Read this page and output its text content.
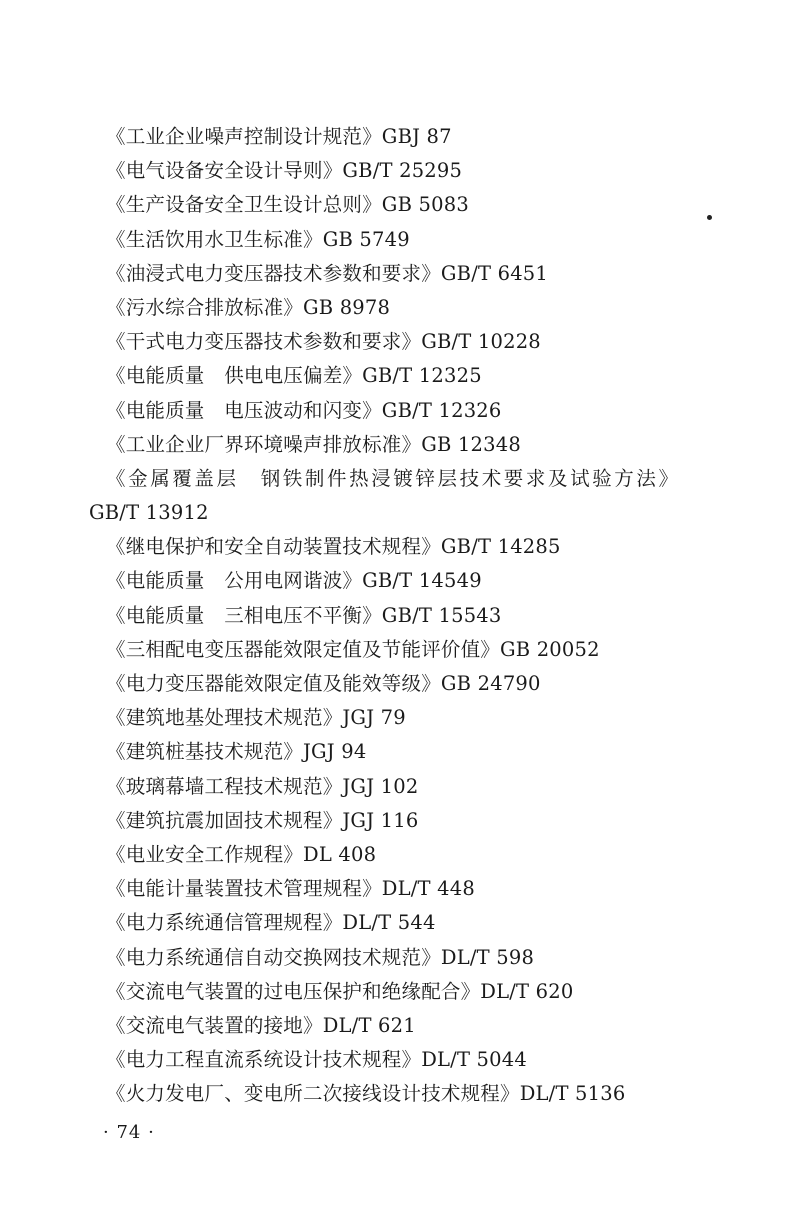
《工业企业噪声控制设计规范》GBJ 87
《电气设备安全设计导则》GB/T 25295
《生产设备安全卫生设计总则》GB 5083
《生活饮用水卫生标准》GB 5749
《油浸式电力变压器技术参数和要求》GB/T 6451
《污水综合排放标准》GB 8978
《干式电力变压器技术参数和要求》GB/T 10228
《电能质量　供电电压偏差》GB/T 12325
《电能质量　电压波动和闪变》GB/T 12326
《工业企业厂界环境噪声排放标准》GB 12348
《金属覆盖层　钢铁制件热浸镀锌层技术要求及试验方法》
GB/T 13912
《继电保护和安全自动装置技术规程》GB/T 14285
《电能质量　公用电网谐波》GB/T 14549
《电能质量　三相电压不平衡》GB/T 15543
《三相配电变压器能效限定值及节能评价值》GB 20052
《电力变压器能效限定值及能效等级》GB 24790
《建筑地基处理技术规范》JGJ 79
《建筑桩基技术规范》JGJ 94
《玻璃幕墙工程技术规范》JGJ 102
《建筑抗震加固技术规程》JGJ 116
《电业安全工作规程》DL 408
《电能计量装置技术管理规程》DL/T 448
《电力系统通信管理规程》DL/T 544
《电力系统通信自动交换网技术规范》DL/T 598
《交流电气装置的过电压保护和绝缘配合》DL/T 620
《交流电气装置的接地》DL/T 621
《电力工程直流系统设计技术规程》DL/T 5044
《火力发电厂、变电所二次接线设计技术规程》DL/T 5136
· 74 ·
